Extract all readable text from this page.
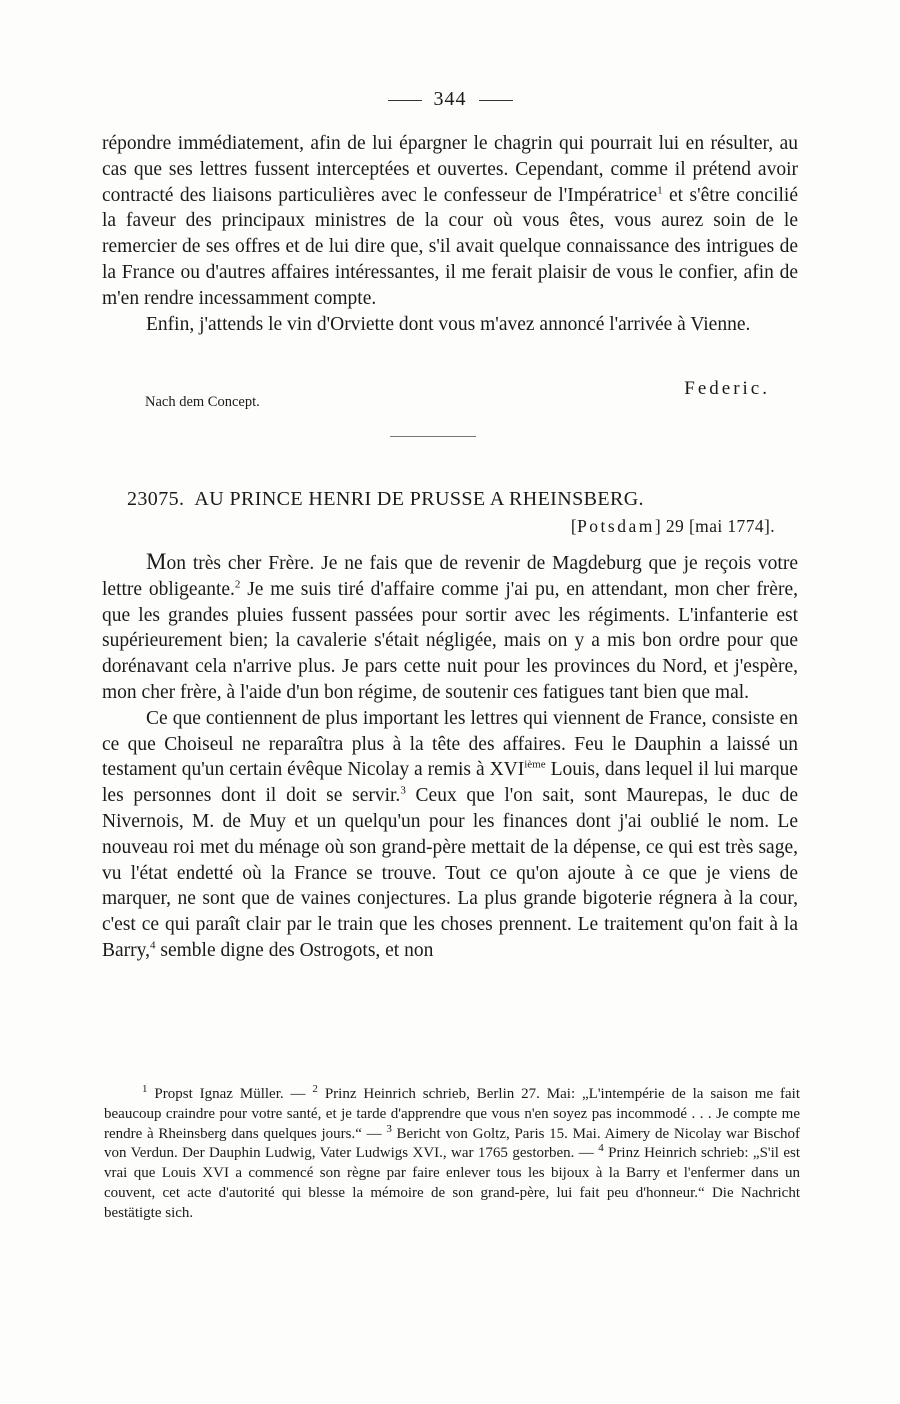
344

répondre immédiatement, afin de lui épargner le chagrin qui pourrait lui en résulter, au cas que ses lettres fussent interceptées et ouvertes. Cependant, comme il prétend avoir contracté des liaisons particulières avec le confesseur de l'Impératrice$^1$ et s'être concilié la faveur des principaux ministres de la cour où vous êtes, vous aurez soin de le remercier de ses offres et de lui dire que, s'il avait quelque connaissance des intrigues de la France ou d'autres affaires intéressantes, il me ferait plaisir de vous le confier, afin de m'en rendre incessamment compte.

Enfin, j'attends le vin d'Orviette dont vous m'avez annoncé l'arrivée à Vienne.

Federic.
Nach dem Concept.
23075. AU PRINCE HENRI DE PRUSSE A RHEINSBERG.
[Potsdam] 29 [mai 1774].

Mon très cher Frère. Je ne fais que de revenir de Magdeburg que je reçois votre lettre obligeante.$^2$ Je me suis tiré d'affaire comme j'ai pu, en attendant, mon cher frère, que les grandes pluies fussent passées pour sortir avec les régiments. L'infanterie est supérieurement bien; la cavalerie s'était négligée, mais on y a mis bon ordre pour que dorénavant cela n'arrive plus. Je pars cette nuit pour les provinces du Nord, et j'espère, mon cher frère, à l'aide d'un bon régime, de soutenir ces fatigues tant bien que mal.

Ce que contiennent de plus important les lettres qui viennent de France, consiste en ce que Choiseul ne reparaîtra plus à la tête des affaires. Feu le Dauphin a laissé un testament qu'un certain évêque Nicolay a remis à XVIième Louis, dans lequel il lui marque les personnes dont il doit se servir.$^3$ Ceux que l'on sait, sont Maurepas, le duc de Nivernois, M. de Muy et un quelqu'un pour les finances dont j'ai oublié le nom. Le nouveau roi met du ménage où son grand-père mettait de la dépense, ce qui est très sage, vu l'état endetté où la France se trouve. Tout ce qu'on ajoute à ce que je viens de marquer, ne sont que de vaines conjectures. La plus grande bigoterie régnera à la cour, c'est ce qui paraît clair par le train que les choses prennent. Le traitement qu'on fait à la Barry,$^4$ semble digne des Ostrogots, et non

$^1$ Propst Ignaz Müller. — $^2$ Prinz Heinrich schrieb, Berlin 27. Mai: „L'intempérie de la saison me fait beaucoup craindre pour votre santé, et je tarde d'apprendre que vous n'en soyez pas incommodé . . . Je compte me rendre à Rheinsberg dans quelques jours.“ — $^3$ Bericht von Goltz, Paris 15. Mai. Aimery de Nicolay war Bischof von Verdun. Der Dauphin Ludwig, Vater Ludwigs XVI., war 1765 gestorben. — $^4$ Prinz Heinrich schrieb: „S'il est vrai que Louis XVI a commencé son règne par faire enlever tous les bijoux à la Barry et l'enfermer dans un couvent, cet acte d'autorité qui blesse la mémoire de son grand-père, lui fait peu d'honneur.“ Die Nachricht bestätigte sich.
